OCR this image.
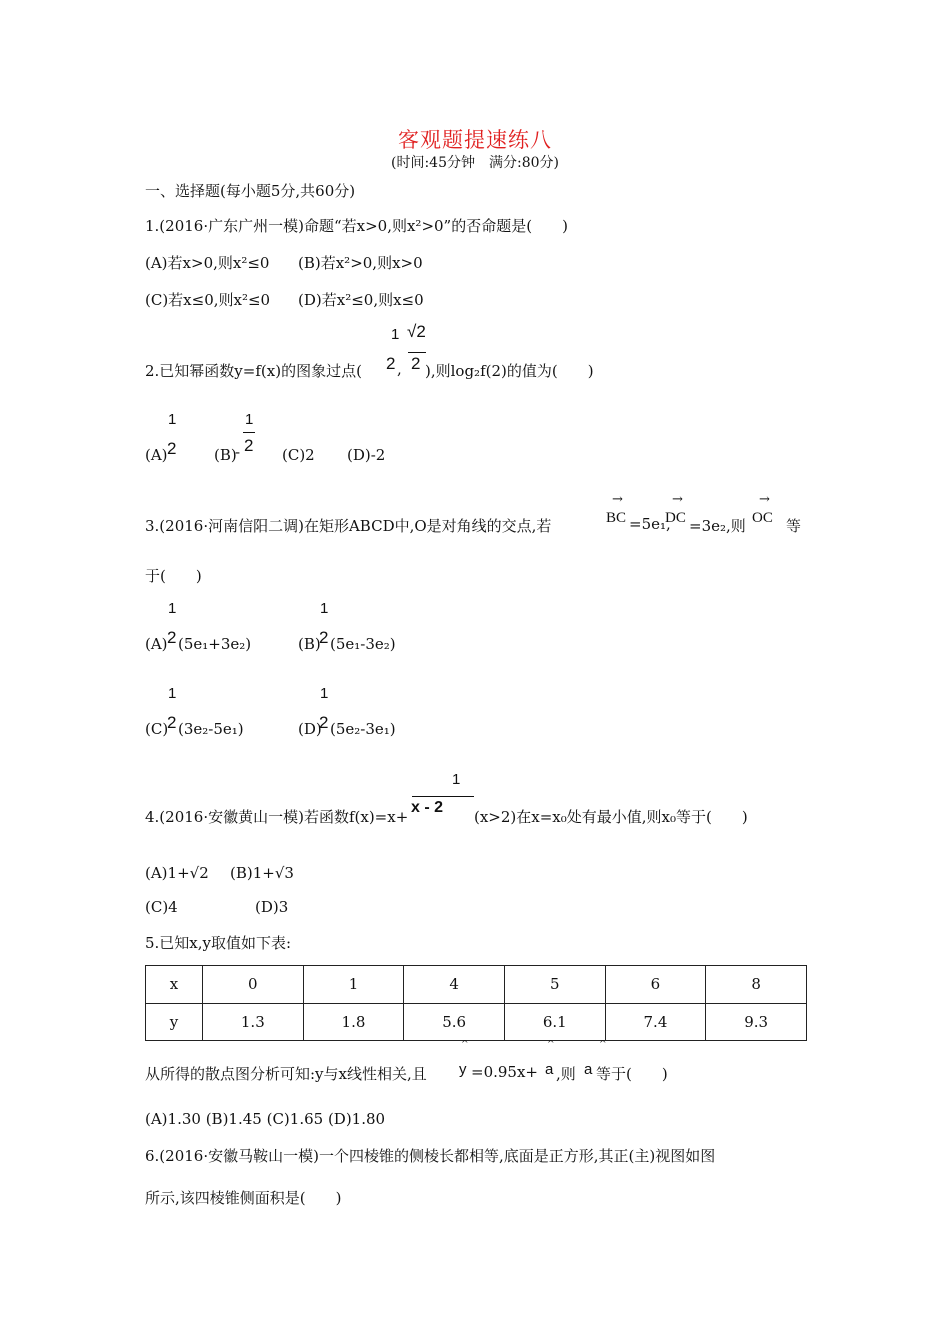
客观题提速练八
(时间:45分钟　满分:80分)
一、选择题(每小题5分,共60分)
1.(2016·广东广州一模)命题“若x>0,则x²>0”的否命题是(　　)
(A)若x>0,则x²≤0 (B)若x²>0,则x>0
(C)若x≤0,则x²≤0 (D)若x²≤0,则x≤0
2.已知幂函数y=f(x)的图象过点(
1
2 ,
√2
2 ),则log₂f(2)的值为(　　)
(A)
1
2	(B)
-
1
2 (C)2 (D)-2
3.(2016·河南信阳二调)在矩形ABCD中,O是对角线的交点,若
→
BC =5e₁,
→
DC =3e₂,则
→
OC 等
于(　　)
(A)
1
2 (5e₁+3e₂)	(B)
1
2 (5e₁-3e₂)
(C)
1
2 (3e₂-5e₁)	(D)
1
2 (5e₂-3e₁)
4.(2016·安徽黄山一模)若函数f(x)=x+
1
x - 2
(x>2)在x=x₀处有最小值,则x₀等于(　　)
(A)1+√2 (B)1+√3
(C)4	(D)3
5.已知x,y取值如下表:
x	0	1	4	5	6	8
y	1.3	1.8	5.6	6.1	7.4	9.3
从所得的散点图分析可知:y与x线性相关,且
^
y =0.95x+
^
a ,则
^
a 等于(　　)
(A)1.30 (B)1.45 (C)1.65 (D)1.80
6.(2016·安徽马鞍山一模)一个四棱锥的侧棱长都相等,底面是正方形,其正(主)视图如图
所示,该四棱锥侧面积是(　　)
